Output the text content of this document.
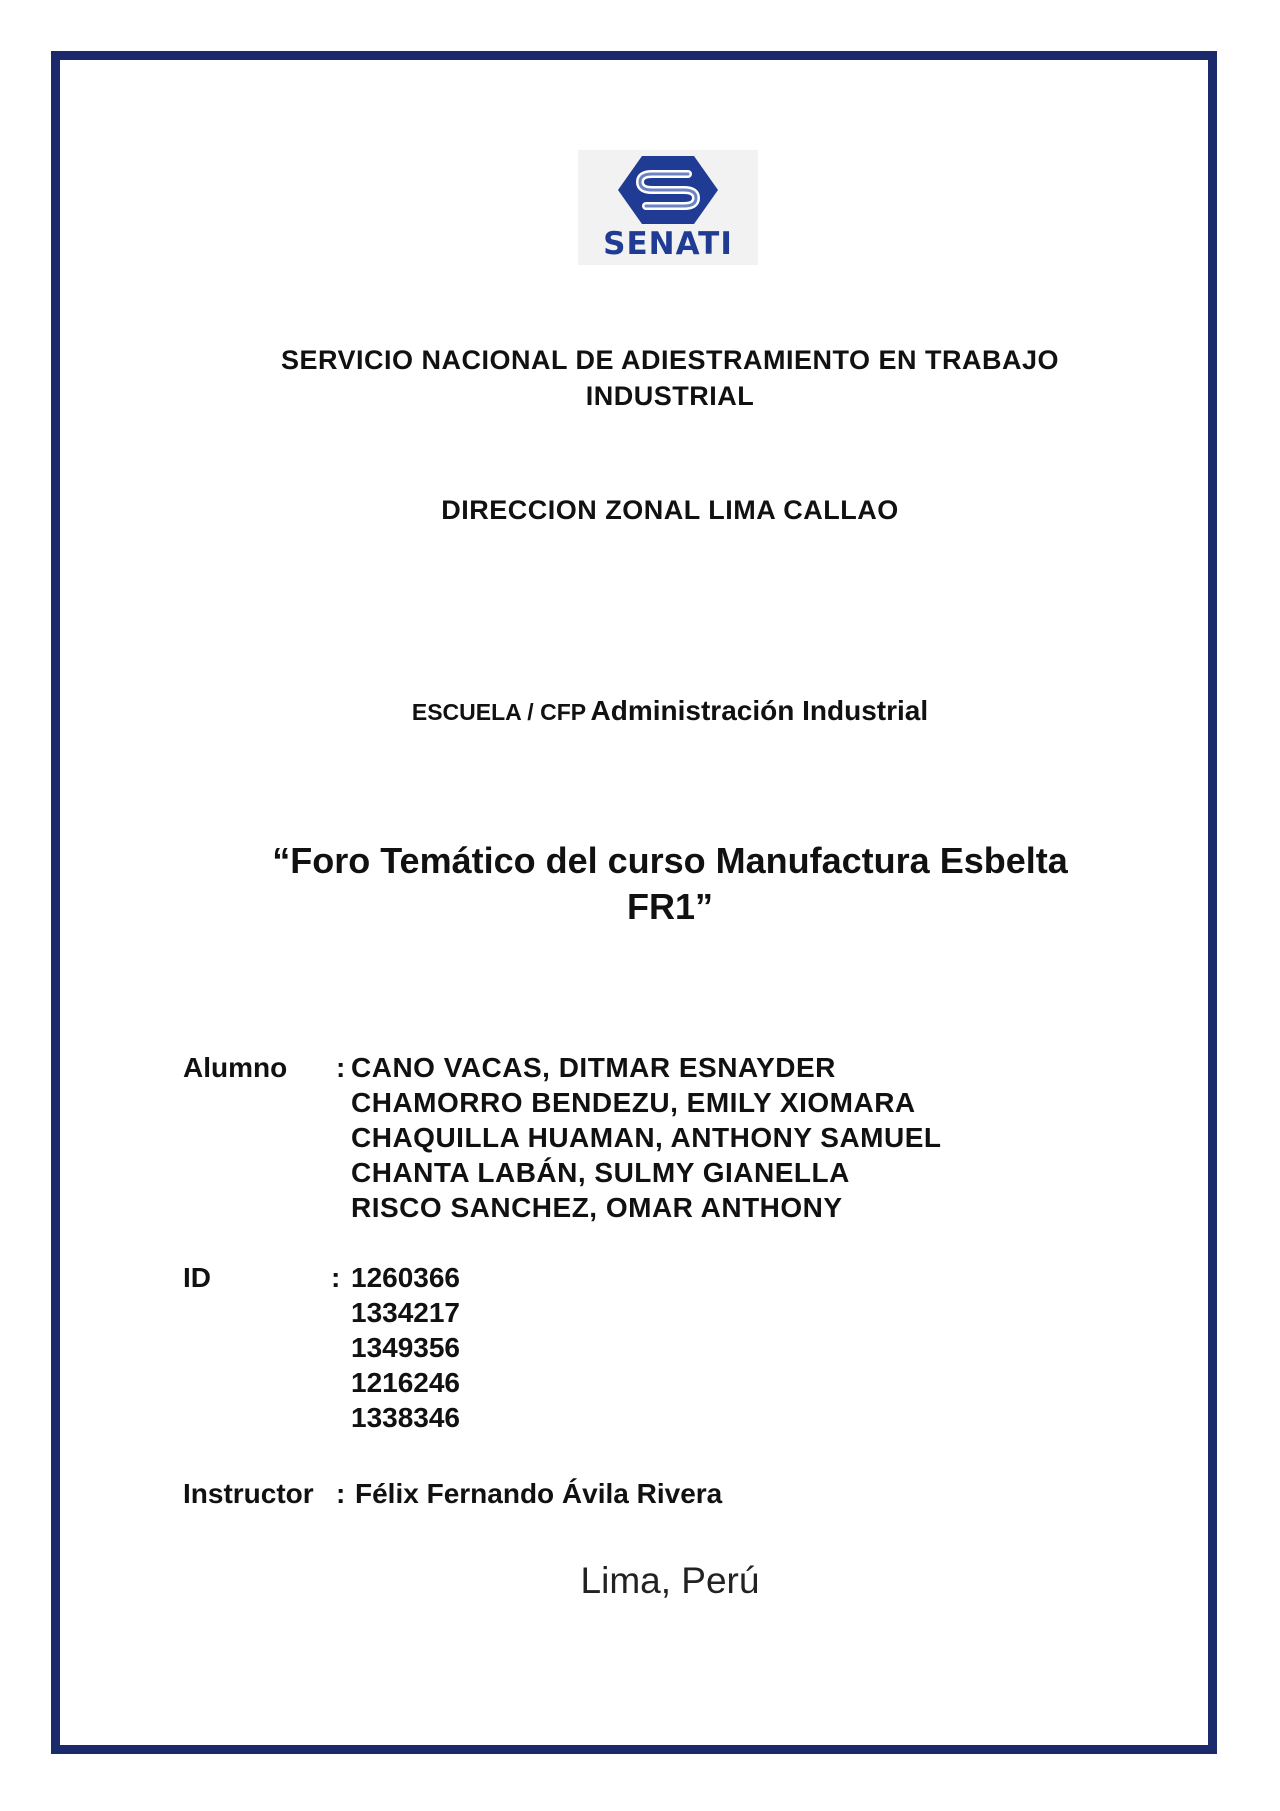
SENATI
SERVICIO NACIONAL DE ADIESTRAMIENTO EN TRABAJO
INDUSTRIAL
DIRECCION ZONAL LIMA CALLAO
ESCUELA / CFP Administración Industrial
“Foro Temático del curso Manufactura Esbelta
FR1”
Alumno : CANO VACAS, DITMAR ESNAYDER
CHAMORRO BENDEZU, EMILY XIOMARA
CHAQUILLA HUAMAN, ANTHONY SAMUEL
CHANTA LABÁN, SULMY GIANELLA
RISCO SANCHEZ, OMAR ANTHONY
ID	: 1260366
1334217
1349356
1216246
1338346
Instructor : Félix Fernando Ávila Rivera
Lima, Perú
